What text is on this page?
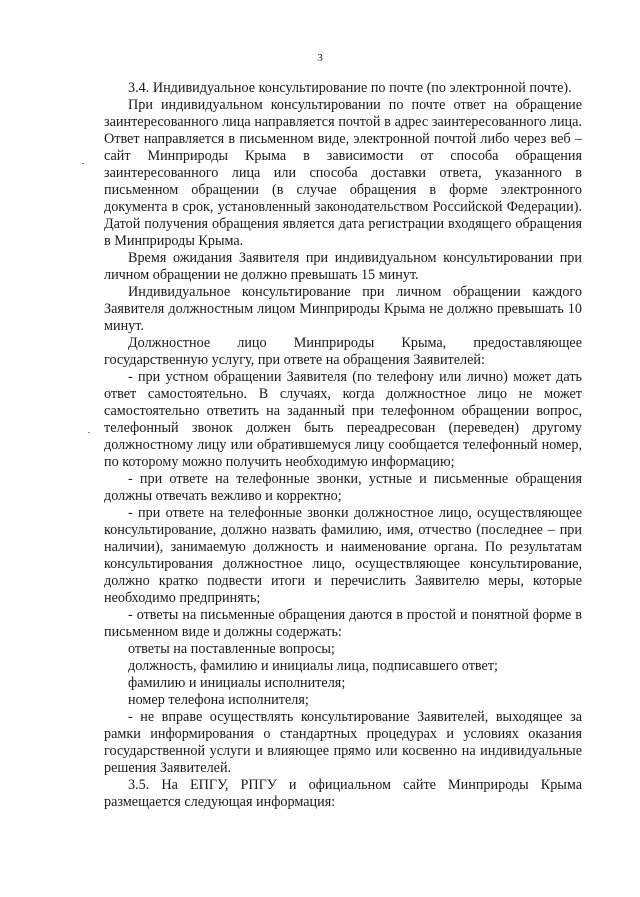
3

3.4. Индивидуальное консультирование по почте (по электронной почте).

При индивидуальном консультировании по почте ответ на обращение заинтересованного лица направляется почтой в адрес заинтересованного лица. Ответ направляется в письменном виде, электронной почтой либо через веб – сайт Минприроды Крыма в зависимости от способа обращения заинтересованного лица или способа доставки ответа, указанного в письменном обращении (в случае обращения в форме электронного документа в срок, установленный законодательством Российской Федерации). Датой получения обращения является дата регистрации входящего обращения в Минприроды Крыма.

Время ожидания Заявителя при индивидуальном консультировании при личном обращении не должно превышать 15 минут.

Индивидуальное консультирование при личном обращении каждого Заявителя должностным лицом Минприроды Крыма не должно превышать 10 минут.

Должностное лицо Минприроды Крыма, предоставляющее государственную услугу, при ответе на обращения Заявителей:

- при устном обращении Заявителя (по телефону или лично) может дать ответ самостоятельно. В случаях, когда должностное лицо не может самостоятельно ответить на заданный при телефонном обращении вопрос, телефонный звонок должен быть переадресован (переведен) другому должностному лицу или обратившемуся лицу сообщается телефонный номер, по которому можно получить необходимую информацию;

- при ответе на телефонные звонки, устные и письменные обращения должны отвечать вежливо и корректно;

- при ответе на телефонные звонки должностное лицо, осуществляющее консультирование, должно назвать фамилию, имя, отчество (последнее – при наличии), занимаемую должность и наименование органа. По результатам консультирования должностное лицо, осуществляющее консультирование, должно кратко подвести итоги и перечислить Заявителю меры, которые необходимо предпринять;

- ответы на письменные обращения даются в простой и понятной форме в письменном виде и должны содержать:

ответы на поставленные вопросы;

должность, фамилию и инициалы лица, подписавшего ответ;

фамилию и инициалы исполнителя;

номер телефона исполнителя;

- не вправе осуществлять консультирование Заявителей, выходящее за рамки информирования о стандартных процедурах и условиях оказания государственной услуги и влияющее прямо или косвенно на индивидуальные решения Заявителей.

3.5. На ЕПГУ, РПГУ и официальном сайте Минприроды Крыма размещается следующая информация:
